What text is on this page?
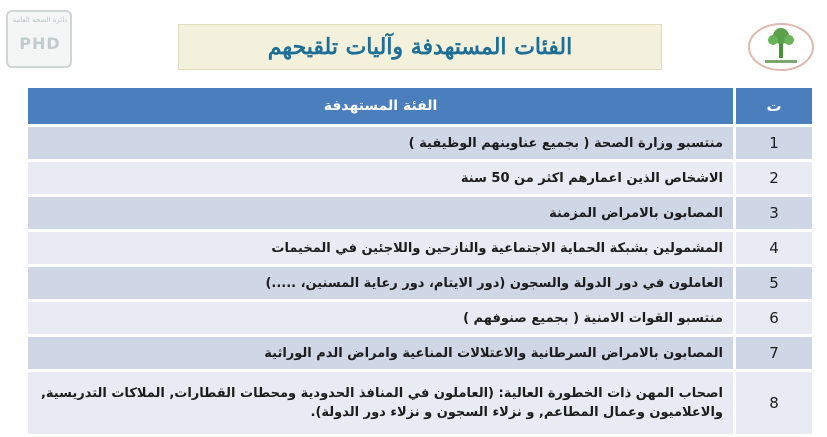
دائرة الصحة العامة
PHD	الفئات المستهدفة وآليات تلقيحهم
ت
الفئة المستهدفة
1
منتسبو وزارة الصحة ( بجميع عناوينهم الوظيفية )
2
الاشخاص الذين اعمارهم اكثر من 50 سنة
3
المصابون بالامراض المزمنة
4
المشمولين بشبكة الحماية الاجتماعية والنازحين واللاجئين في المخيمات
5
العاملون في دور الدولة والسجون (دور الايتام، دور رعاية المسنين، .....)
6
منتسبو القوات الامنية ( بجميع صنوفهم )
7
المصابون بالامراض السرطانية والاعتلالات المناعية وامراض الدم الوراثية
8
اصحاب المهن ذات الخطورة العالية: (العاملون في المنافذ الحدودية ومحطات القطارات, الملاكات التدريسية, والاعلاميون وعمال المطاعم, و نزلاء السجون و نزلاء دور الدولة).
